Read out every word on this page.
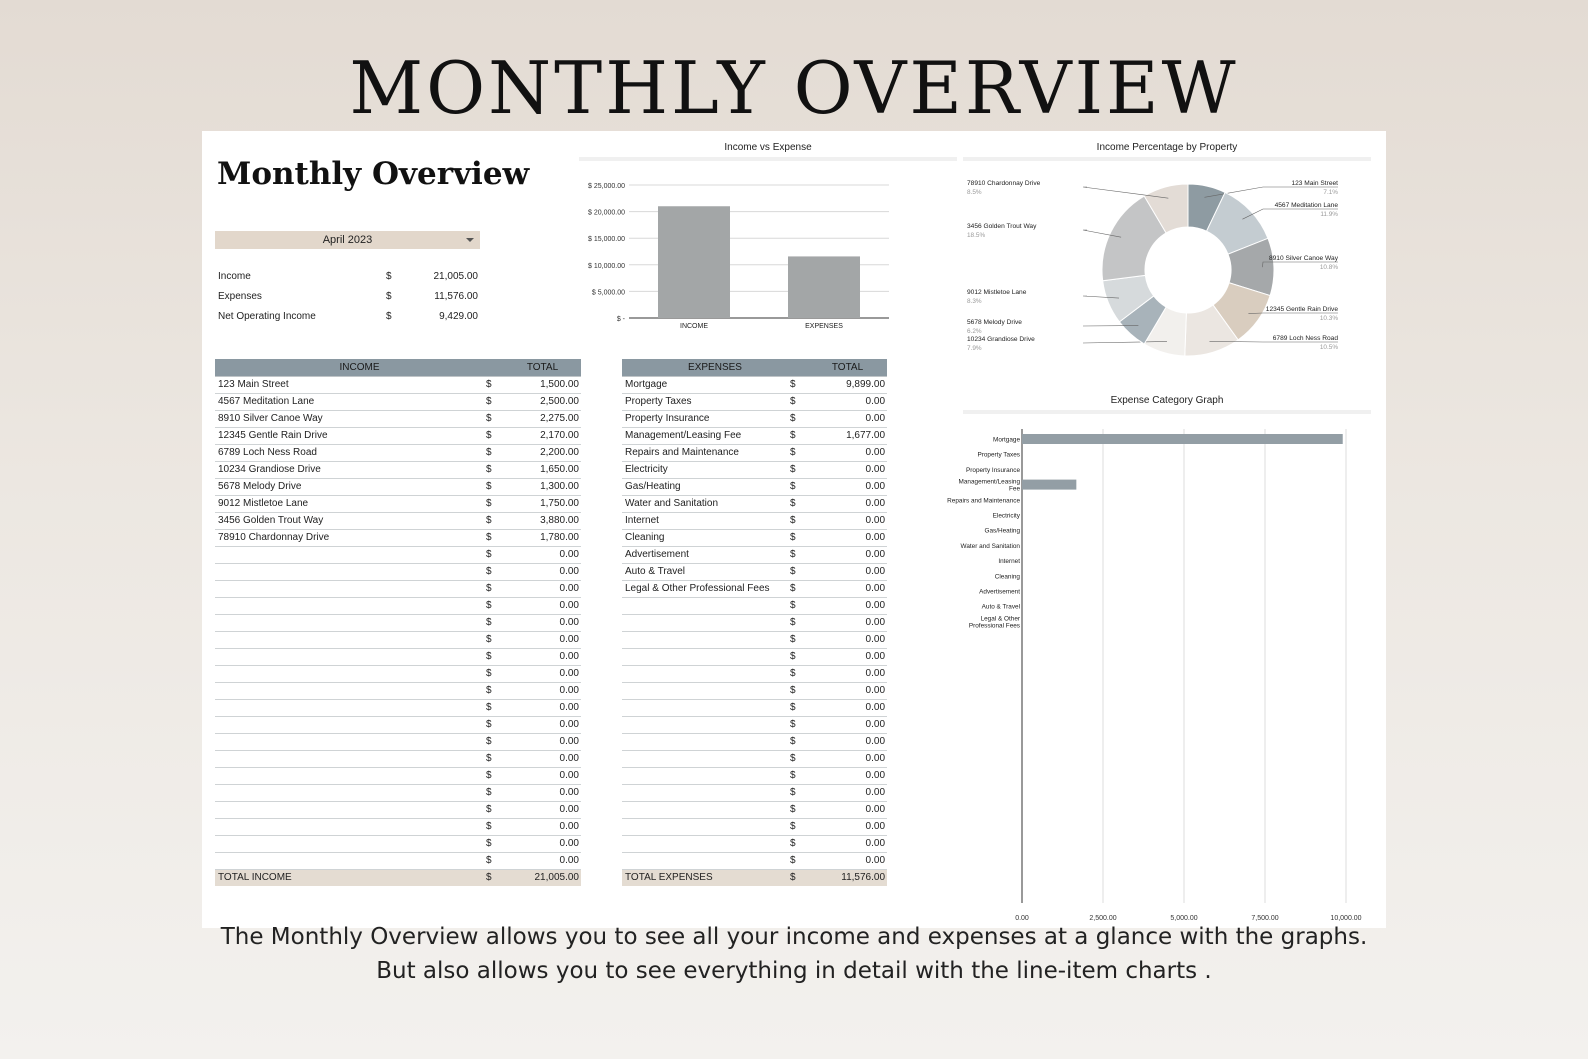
MONTHLY OVERVIEW
Monthly Overview
April 2023
Income	$	21,005.00
Expenses	$	11,576.00
Net Operating Income	$	9,429.00
INCOME		TOTAL
123 Main Street	$	1,500.00
4567 Meditation Lane	$	2,500.00
8910 Silver Canoe Way	$	2,275.00
12345 Gentle Rain Drive	$	2,170.00
6789 Loch Ness Road	$	2,200.00
10234 Grandiose Drive	$	1,650.00
5678 Melody Drive	$	1,300.00
9012 Mistletoe Lane	$	1,750.00
3456 Golden Trout Way	$	3,880.00
78910 Chardonnay Drive	$	1,780.00
	$	0.00
	$	0.00
	$	0.00
	$	0.00
	$	0.00
	$	0.00
	$	0.00
	$	0.00
	$	0.00
	$	0.00
	$	0.00
	$	0.00
	$	0.00
	$	0.00
	$	0.00
	$	0.00
	$	0.00
	$	0.00
	$	0.00
TOTAL INCOME	$	21,005.00
EXPENSES		TOTAL
Mortgage	$	9,899.00
Property Taxes	$	0.00
Property Insurance	$	0.00
Management/Leasing Fee	$	1,677.00
Repairs and Maintenance	$	0.00
Electricity	$	0.00
Gas/Heating	$	0.00
Water and Sanitation	$	0.00
Internet	$	0.00
Cleaning	$	0.00
Advertisement	$	0.00
Auto & Travel	$	0.00
Legal & Other Professional Fees	$	0.00
	$	0.00
	$	0.00
	$	0.00
	$	0.00
	$	0.00
	$	0.00
	$	0.00
	$	0.00
	$	0.00
	$	0.00
	$	0.00
	$	0.00
	$	0.00
	$	0.00
	$	0.00
	$	0.00
TOTAL EXPENSES	$	11,576.00
Income vs Expense
$ -
$ 5,000.00
$ 10,000.00
$ 15,000.00
$ 20,000.00
$ 25,000.00
INCOME	EXPENSES
Income Percentage by Property
123 Main Street
7.1%
4567 Meditation Lane
11.9%
8910 Silver Canoe Way
10.8%
12345 Gentle Rain Drive
10.3%
6789 Loch Ness Road
10.5%
10234 Grandiose Drive
7.9%
5678 Melody Drive
6.2%
9012 Mistletoe Lane
8.3%
3456 Golden Trout Way
18.5%
78910 Chardonnay Drive
8.5%
Expense Category Graph
0.00	2,500.00	5,000.00	7,500.00	10,000.00
Mortgage
Property Taxes
Property Insurance
Management/Leasing
Fee
Repairs and Maintenance
Electricity
Gas/Heating
Water and Sanitation
Internet
Cleaning
Advertisement
Auto & Travel
Legal & Other
Professional Fees
The Monthly Overview allows you to see all your income and expenses at a glance with the graphs.
But also allows you to see everything in detail with the line-item charts .
